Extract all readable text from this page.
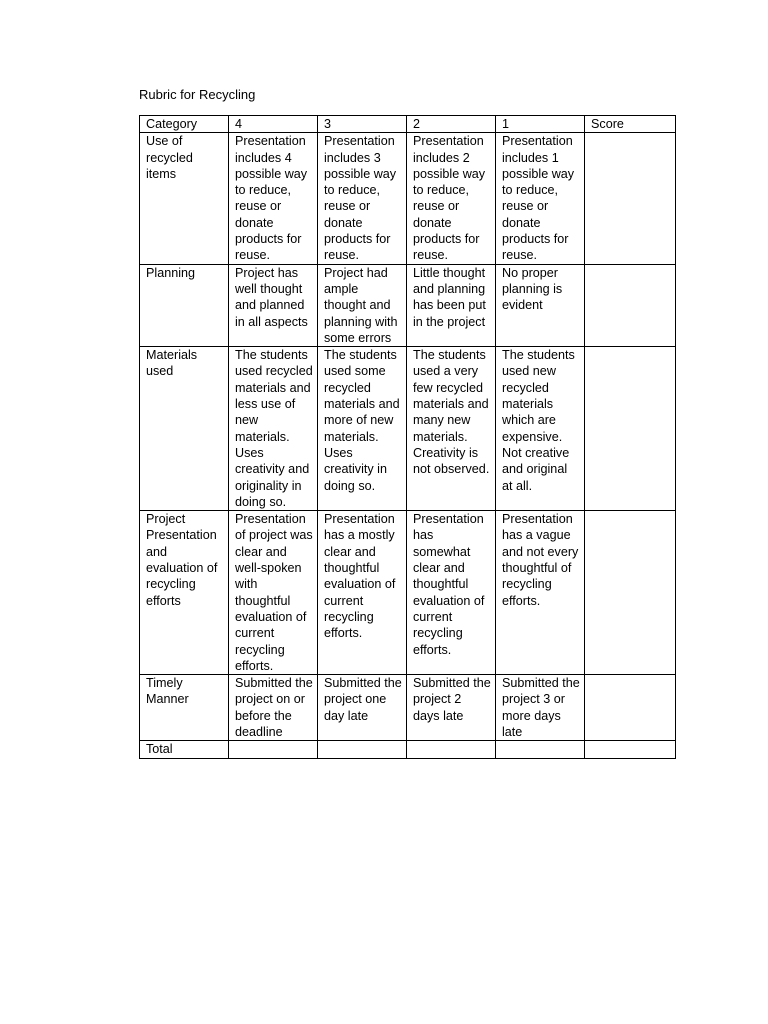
Rubric for Recycling
Category	4	3	2	1	Score
Use of recycled items	Presentation includes 4 possible way to reduce, reuse or donate products for reuse.	Presentation includes 3 possible way to reduce, reuse or donate products for reuse.	Presentation includes 2 possible way to reduce, reuse or donate products for reuse.	Presentation includes 1 possible way to reduce, reuse or donate products for reuse.	
Planning	Project has well thought and planned in all aspects	Project had ample thought and planning with some errors	Little thought and planning has been put in the project	No proper planning is evident	
Materials used	The students used recycled materials and less use of new materials. Uses creativity and originality in doing so.	The students used some recycled materials and more of new materials. Uses creativity in doing so.	The students used a very few recycled materials and many new materials. Creativity is not observed.	The students used new recycled materials which are expensive. Not creative and original at all.	
Project Presentation and evaluation of recycling efforts	Presentation of project was clear and well-spoken with thoughtful evaluation of current recycling efforts.	Presentation has a mostly clear and thoughtful evaluation of current recycling efforts.	Presentation has somewhat clear and thoughtful evaluation of current recycling efforts.	Presentation has a vague and not every thoughtful of recycling efforts.	
Timely Manner	Submitted the project on or before the deadline	Submitted the project one day late	Submitted the project 2 days late	Submitted the project 3 or more days late	
Total					
